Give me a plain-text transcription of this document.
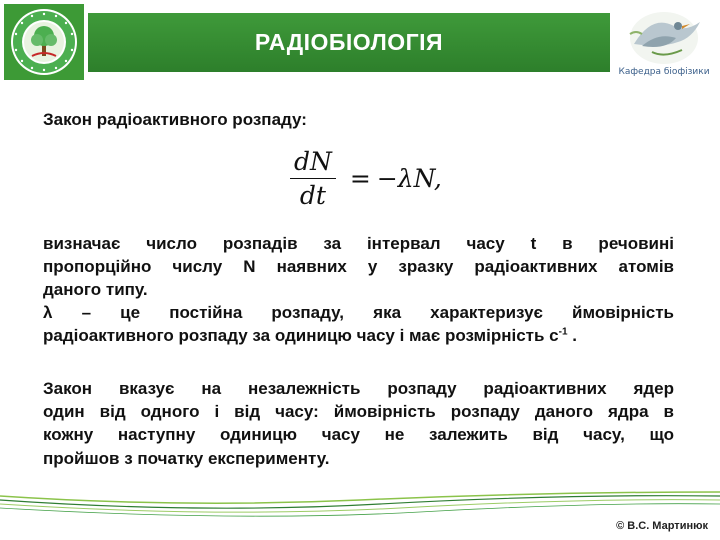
РАДІОБІОЛОГІЯ
Кафедра біофізики

Закон радіоактивного розпаду:

$\frac{dN}{dt} = -\lambda N$,

визначає число розпадів за інтервал часу t в речовині
пропорційно числу N наявних у зразку радіоактивних атомів
даного типу.

λ – це постійна розпаду, яка характеризує ймовірність
радіоактивного розпаду за одиницю часу і має розмірність $с^{-1}$ .

Закон вказує на незалежність розпаду радіоактивних ядер
один від одного і від часу: ймовірність розпаду даного ядра в
кожну наступну одиницю часу не залежить від часу, що
пройшов з початку експерименту.

© В.С. Мартинюк
